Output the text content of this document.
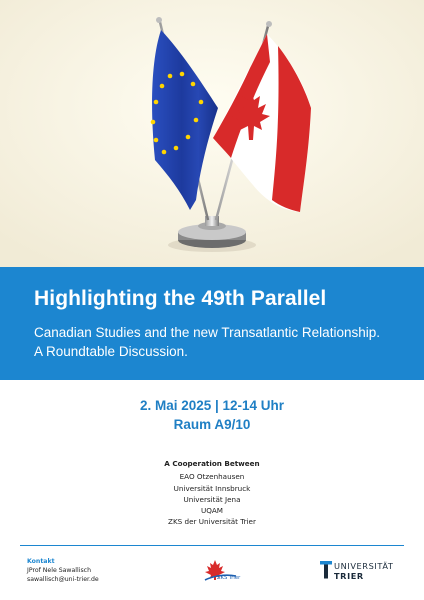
Highlighting the 49th Parallel
Canadian Studies and the new Transatlantic Relationship.
A Roundtable Discussion.
2. Mai 2025 | 12-14 Uhr
Raum A9/10
A Cooperation Between
EAO Otzenhausen
Universität Innsbruck
Universität Jena
UQAM
ZKS der Universität Trier
Kontakt
JProf Nele Sawallisch
sawallisch@uni-trier.de	ZKS Trier
UNIVERSITÄT
TRIER
